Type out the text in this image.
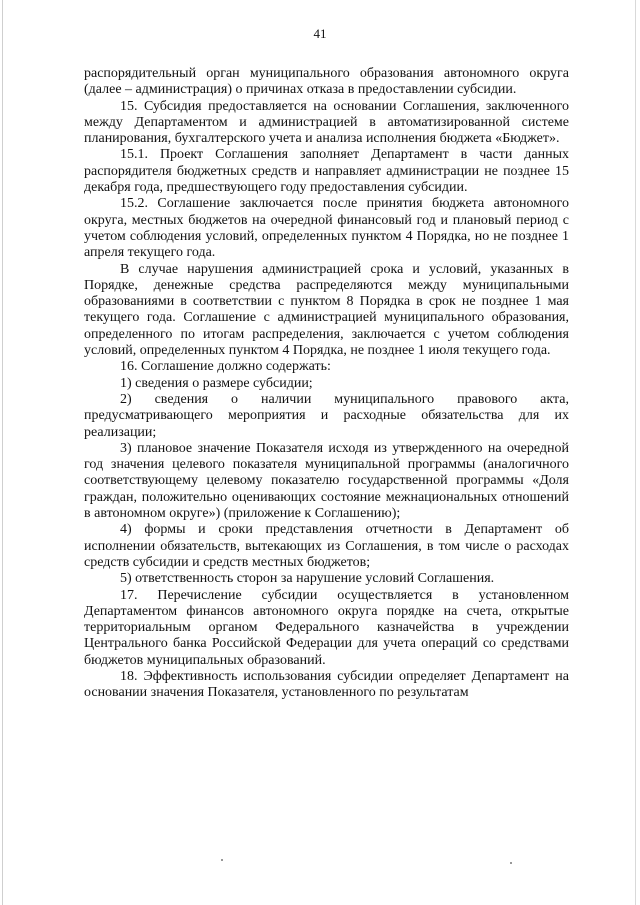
41

распорядительный орган муниципального образования автономного округа (далее – администрация) о причинах отказа в предоставлении субсидии.

15. Субсидия предоставляется на основании Соглашения, заключенного между Департаментом и администрацией в автоматизированной системе планирования, бухгалтерского учета и анализа исполнения бюджета «Бюджет».

15.1. Проект Соглашения заполняет Департамент в части данных распорядителя бюджетных средств и направляет администрации не позднее 15 декабря года, предшествующего году предоставления субсидии.

15.2. Соглашение заключается после принятия бюджета автономного округа, местных бюджетов на очередной финансовый год и плановый период с учетом соблюдения условий, определенных пунктом 4 Порядка, но не позднее 1 апреля текущего года.

В случае нарушения администрацией срока и условий, указанных в Порядке, денежные средства распределяются между муниципальными образованиями в соответствии с пунктом 8 Порядка в срок не позднее 1 мая текущего года. Соглашение с администрацией муниципального образования, определенного по итогам распределения, заключается с учетом соблюдения условий, определенных пунктом 4 Порядка, не позднее 1 июля текущего года.

16. Соглашение должно содержать:

1) сведения о размере субсидии;

2) сведения о наличии муниципального правового акта, предусматривающего мероприятия и расходные обязательства для их реализации;

3) плановое значение Показателя исходя из утвержденного на очередной год значения целевого показателя муниципальной программы (аналогичного соответствующему целевому показателю государственной программы «Доля граждан, положительно оценивающих состояние межнациональных отношений в автономном округе») (приложение к Соглашению);

4) формы и сроки представления отчетности в Департамент об исполнении обязательств, вытекающих из Соглашения, в том числе о расходах средств субсидии и средств местных бюджетов;

5) ответственность сторон за нарушение условий Соглашения.

17. Перечисление субсидии осуществляется в установленном Департаментом финансов автономного округа порядке на счета, открытые территориальным органом Федерального казначейства в учреждении Центрального банка Российской Федерации для учета операций со средствами бюджетов муниципальных образований.

18. Эффективность использования субсидии определяет Департамент на основании значения Показателя, установленного по результатам
